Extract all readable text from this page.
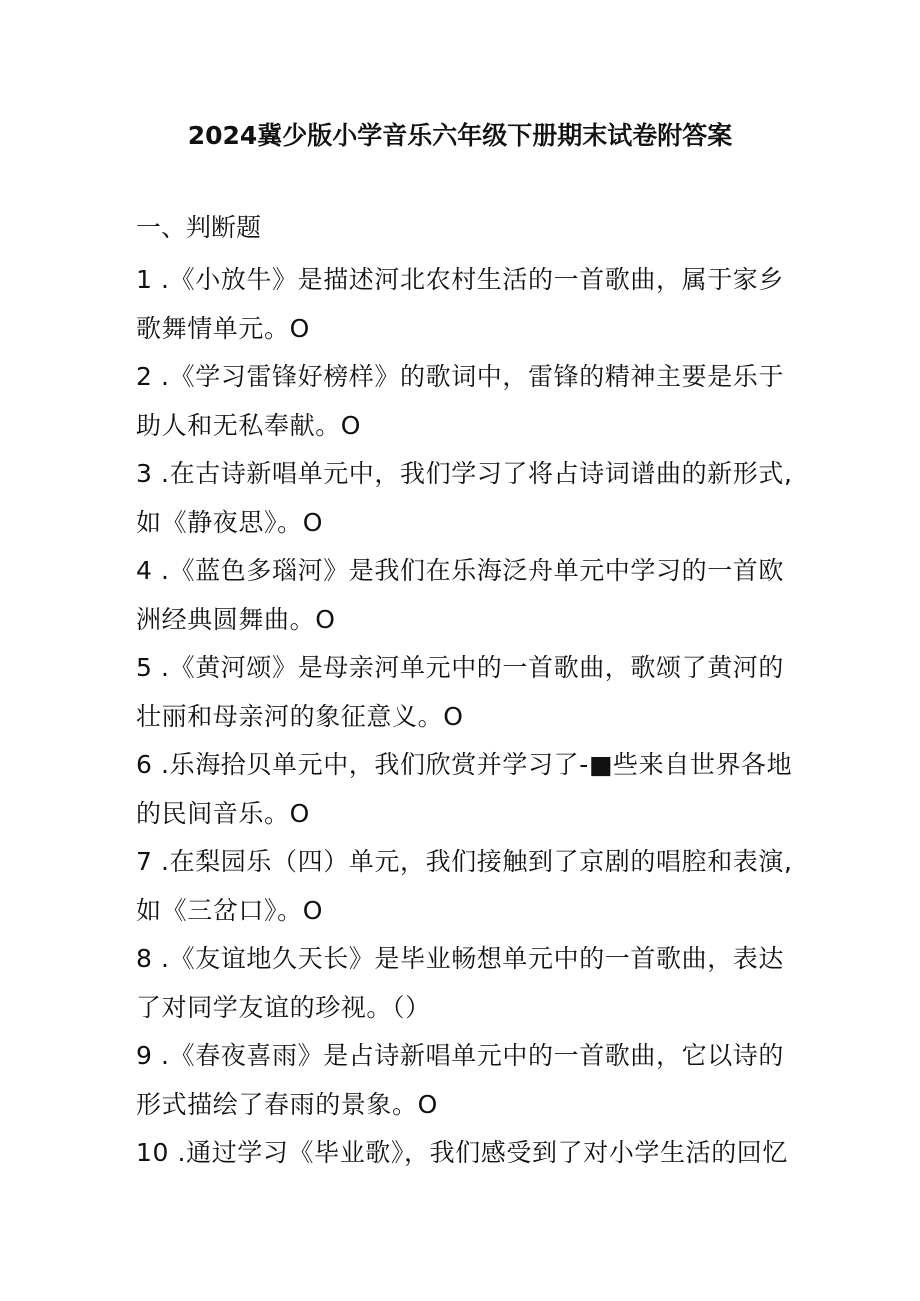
2024冀少版小学音乐六年级下册期末试卷附答案
一、判断题
1 .《小放牛》是描述河北农村生活的一首歌曲，属于家乡
歌舞情单元。O
2 .《学习雷锋好榜样》的歌词中，雷锋的精神主要是乐于
助人和无私奉献。O
3 .在古诗新唱单元中，我们学习了将占诗词谱曲的新形式,
如《静夜思》。O
4 .《蓝色多瑙河》是我们在乐海泛舟单元中学习的一首欧
洲经典圆舞曲。O
5 .《黄河颂》是母亲河单元中的一首歌曲，歌颂了黄河的
壮丽和母亲河的象征意义。O
6 .乐海拾贝单元中，我们欣赏并学习了-■些来自世界各地
的民间音乐。O
7 .在梨园乐（四）单元，我们接触到了京剧的唱腔和表演,
如《三岔口》。O
8 .《友谊地久天长》是毕业畅想单元中的一首歌曲，表达
了对同学友谊的珍视。（）
9 .《春夜喜雨》是占诗新唱单元中的一首歌曲，它以诗的
形式描绘了春雨的景象。O
10 .通过学习《毕业歌》，我们感受到了对小学生活的回忆
